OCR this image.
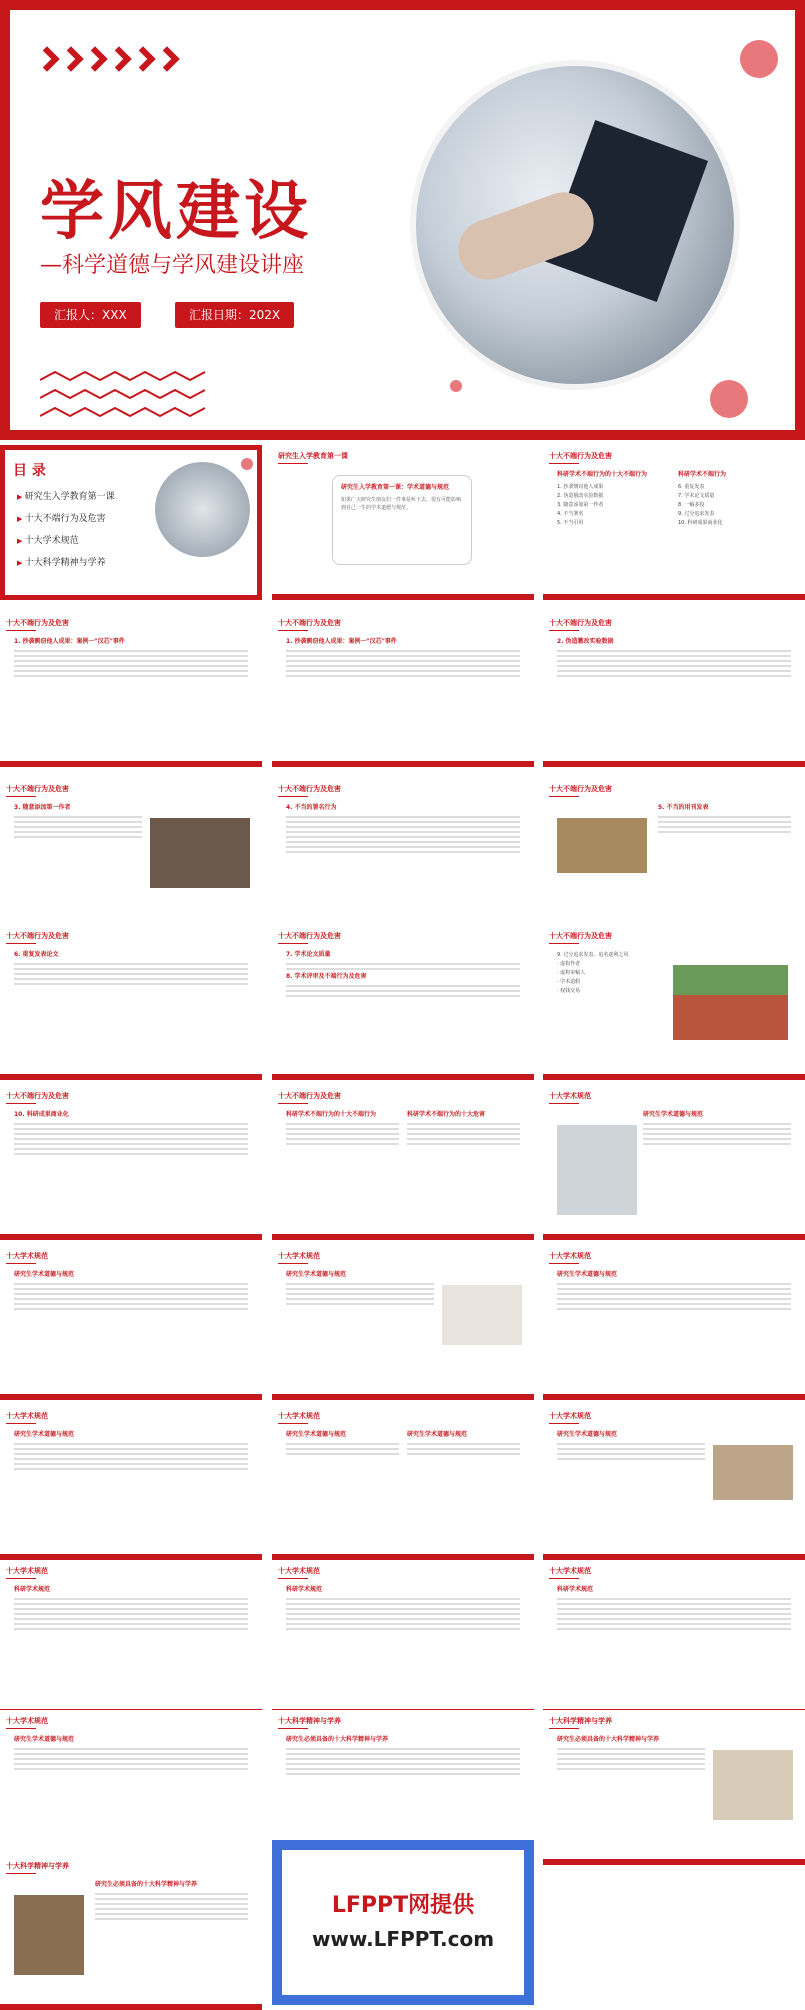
学风建设
—科学道德与学风建设讲座
汇报人：XXX	汇报日期：202X
目 录
▶ 研究生入学教育第一课
▶ 十大不端行为及危害
▶ 十大学术规范
▶ 十大科学精神与学养
研究生入学教育第一课
研究生入学教育第一课：学术道德与规范
如果广大研究生朋友们一件事是听下去，很有可能影响到自己一生的学术道德与规范。
十大不端行为及危害
科研学术不端行为的十大不端行为
1. 抄袭剽窃他人成果
2. 伪造篡改实验数据
3. 随意添加第一作者
4. 不当署名
5. 不当引用
科研学术不端行为
6. 重复发表
7. 学术论文质量
8. 一稿多投
9. 过分追求发表
10. 科研成果商业化
十大不端行为及危害
1. 抄袭剽窃他人成果：案例一"汉芯"事件
十大不端行为及危害
1. 抄袭剽窃他人成果：案例一"汉芯"事件
十大不端行为及危害
2. 伪造篡改实验数据
十大不端行为及危害
3. 随意添加第一作者
十大不端行为及危害
4. 不当的署名行为
十大不端行为及危害
5. 不当的用刊发表
十大不端行为及危害
6. 重复发表论文
十大不端行为及危害
7. 学术论文质量
8. 学术评审及不端行为及危害
十大不端行为及危害
9. 过分追求发表、追名逐利之风
· 虚构作者
· 虚构审稿人
· 学术造假
· 权钱交易
十大不端行为及危害
10. 科研成果商业化
十大不端行为及危害
科研学术不端行为的十大不端行为	科研学术不端行为的十大危害
十大学术规范
研究生学术道德与规范
十大学术规范
研究生学术道德与规范
十大学术规范
研究生学术道德与规范
十大学术规范
研究生学术道德与规范
十大学术规范
研究生学术道德与规范
十大学术规范
研究生学术道德与规范	研究生学术道德与规范
十大学术规范
研究生学术道德与规范
十大学术规范
科研学术规范
十大学术规范
科研学术规范
十大学术规范
科研学术规范
十大学术规范
研究生学术道德与规范
十大科学精神与学养
研究生必须具备的十大科学精神与学养
十大科学精神与学养
研究生必须具备的十大科学精神与学养
十大科学精神与学养
研究生必须具备的十大科学精神与学养
LFPPT网提供
www.LFPPT.com
